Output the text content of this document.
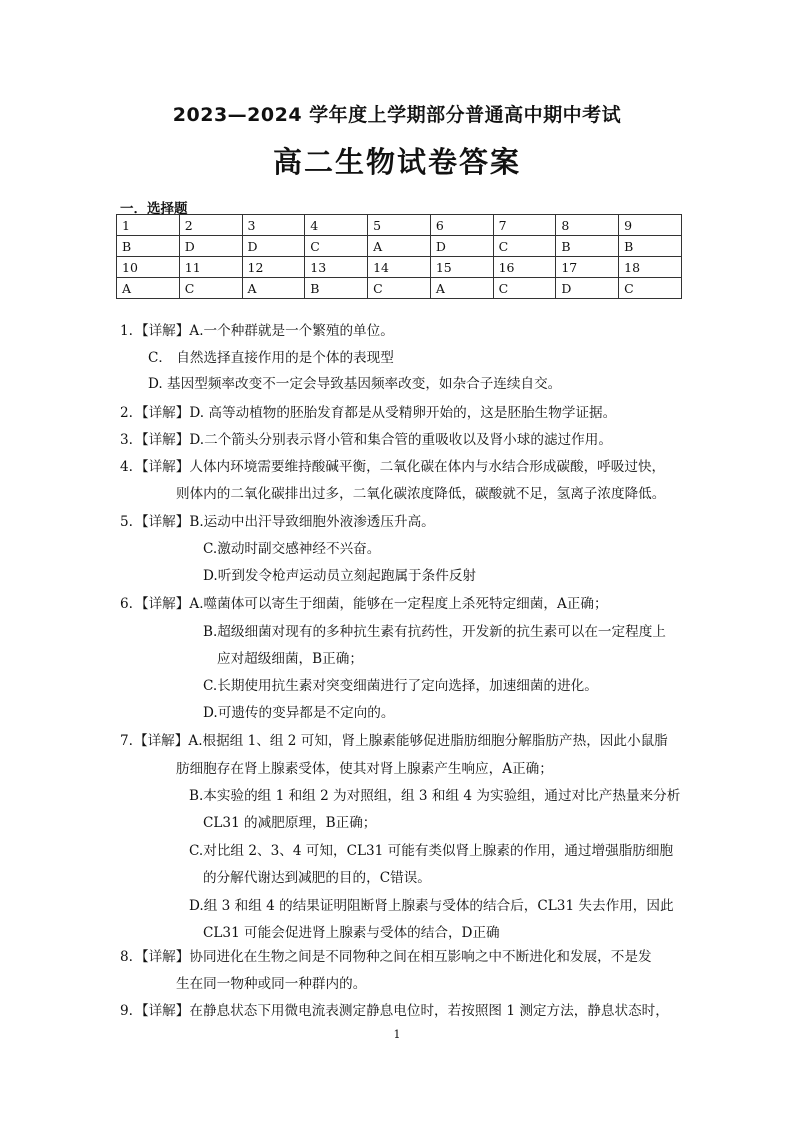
2023—2024 学年度上学期部分普通高中期中考试
高二生物试卷答案
一．选择题
1	2	3	4	5	6	7	8	9
B	D	D	C	A	D	C	B	B
10	11	12	13	14	15	16	17	18
A	C	A	B	C	A	C	D	C
1. 【详解】A.一个种群就是一个繁殖的单位。
C． 自然选择直接作用的是个体的表现型
D. 基因型频率改变不一定会导致基因频率改变，如杂合子连续自交。
2. 【详解】D. 高等动植物的胚胎发育都是从受精卵开始的，这是胚胎生物学证据。
3. 【详解】D.二个箭头分别表示肾小管和集合管的重吸收以及肾小球的滤过作用。
4. 【详解】人体内环境需要维持酸碱平衡，二氧化碳在体内与水结合形成碳酸，呼吸过快，
则体内的二氧化碳排出过多，二氧化碳浓度降低，碳酸就不足，氢离子浓度降低。
5. 【详解】B.运动中出汗导致细胞外液渗透压升高。
C.激动时副交感神经不兴奋。
D.听到发令枪声运动员立刻起跑属于条件反射
6. 【详解】A.噬菌体可以寄生于细菌，能够在一定程度上杀死特定细菌，A正确；
B.超级细菌对现有的多种抗生素有抗药性，开发新的抗生素可以在一定程度上
应对超级细菌，B正确；
C.长期使用抗生素对突变细菌进行了定向选择，加速细菌的进化。
D.可遗传的变异都是不定向的。
7. 【详解】A.根据组 1、组 2 可知，肾上腺素能够促进脂肪细胞分解脂肪产热，因此小鼠脂
肪细胞存在肾上腺素受体，使其对肾上腺素产生响应，A正确；
B.本实验的组 1 和组 2 为对照组，组 3 和组 4 为实验组，通过对比产热量来分析
CL31 的减肥原理，B正确；
C.对比组 2、3、4 可知，CL31 可能有类似肾上腺素的作用，通过增强脂肪细胞
的分解代谢达到减肥的目的，C错误。
D.组 3 和组 4 的结果证明阻断肾上腺素与受体的结合后，CL31 失去作用，因此
CL31 可能会促进肾上腺素与受体的结合，D正确
8. 【详解】协同进化在生物之间是不同物种之间在相互影响之中不断进化和发展，不是发
生在同一物种或同一种群内的。
9. 【详解】在静息状态下用微电流表测定静息电位时，若按照图 1 测定方法，静息状态时，
1
